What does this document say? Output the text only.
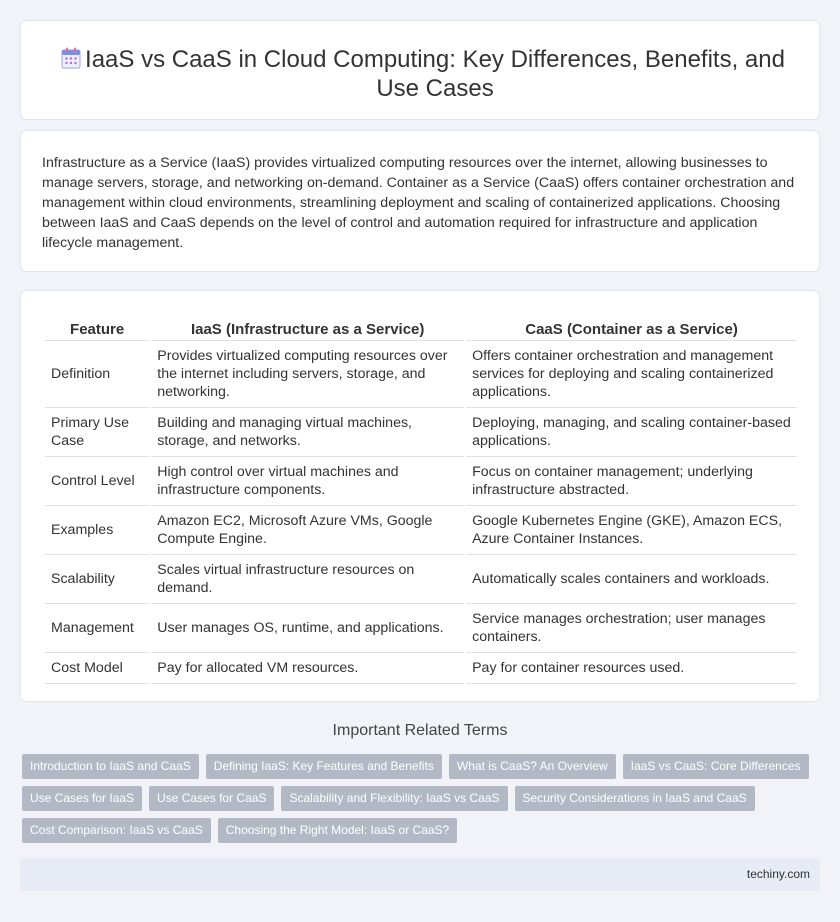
IaaS vs CaaS in Cloud Computing: Key Differences, Benefits, and Use Cases

Infrastructure as a Service (IaaS) provides virtualized computing resources over the internet, allowing businesses to manage servers, storage, and networking on-demand. Container as a Service (CaaS) offers container orchestration and management within cloud environments, streamlining deployment and scaling of containerized applications. Choosing between IaaS and CaaS depends on the level of control and automation required for infrastructure and application lifecycle management.

Feature	IaaS (Infrastructure as a Service)	CaaS (Container as a Service)
Definition	Provides virtualized computing resources over the internet including servers, storage, and networking.	Offers container orchestration and management services for deploying and scaling containerized applications.
Primary Use Case	Building and managing virtual machines, storage, and networks.	Deploying, managing, and scaling container-based applications.
Control Level	High control over virtual machines and infrastructure components.	Focus on container management; underlying infrastructure abstracted.
Examples	Amazon EC2, Microsoft Azure VMs, Google Compute Engine.	Google Kubernetes Engine (GKE), Amazon ECS, Azure Container Instances.
Scalability	Scales virtual infrastructure resources on demand.	Automatically scales containers and workloads.
Management	User manages OS, runtime, and applications.	Service manages orchestration; user manages containers.
Cost Model	Pay for allocated VM resources.	Pay for container resources used.
Important Related Terms
Introduction to IaaS and CaaS	Defining IaaS: Key Features and Benefits	What is CaaS? An Overview	IaaS vs CaaS: Core Differences
Use Cases for IaaS	Use Cases for CaaS	Scalability and Flexibility: IaaS vs CaaS	Security Considerations in IaaS and CaaS
Cost Comparison: IaaS vs CaaS	Choosing the Right Model: IaaS or CaaS?
techiny.com
